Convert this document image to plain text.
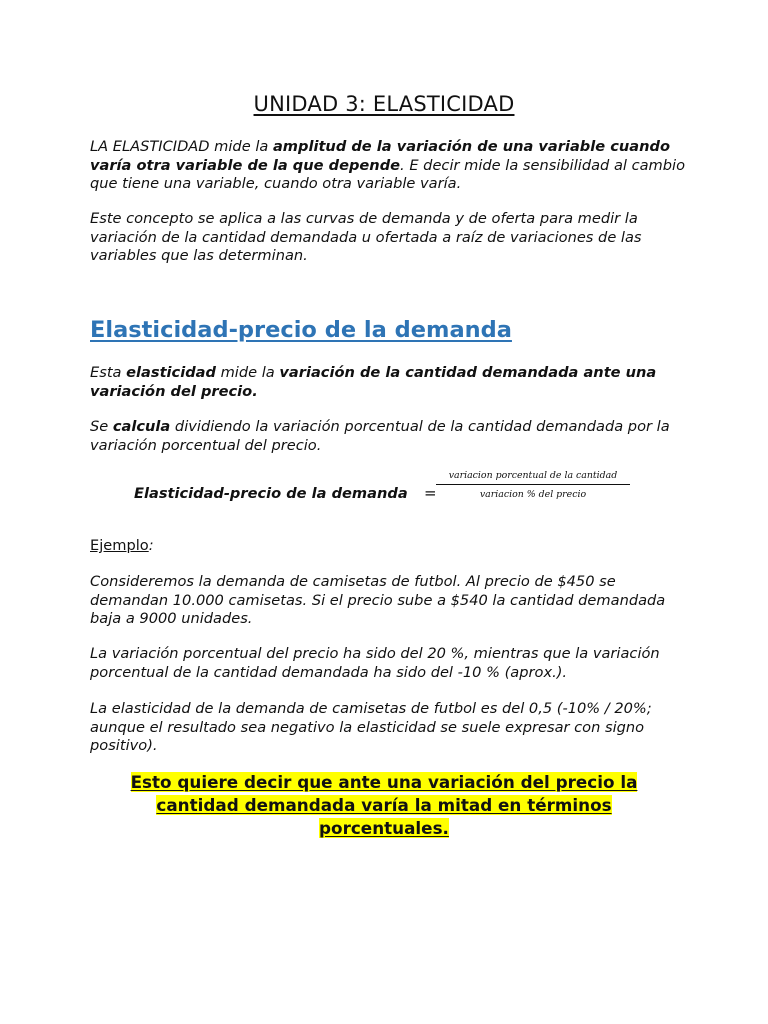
UNIDAD 3: ELASTICIDAD
LA ELASTICIDAD mide la amplitud de la variación de una variable cuando varía otra variable de la que depende. E decir mide la sensibilidad al cambio que tiene una variable, cuando otra variable varía.
Este concepto se aplica a las curvas de demanda y de oferta para medir la variación de la cantidad demandada u ofertada a raíz de variaciones de las variables que las determinan.
Elasticidad-precio de la demanda
Esta elasticidad mide la variación de la cantidad demandada ante una variación del precio.
Se calcula dividiendo la variación porcentual de la cantidad demandada por la variación porcentual del precio.
Elasticidad-precio de la demanda =
variacion porcentual de la cantidad
variacion % del precio
Ejemplo:
Consideremos la demanda de camisetas de futbol. Al precio de $450 se demandan 10.000 camisetas. Si el precio sube a $540 la cantidad demandada baja a 9000 unidades.
La variación porcentual del precio ha sido del 20 %, mientras que la variación porcentual de la cantidad demandada ha sido del -10 % (aprox.).
La elasticidad de la demanda de camisetas de futbol es del 0,5 (-10% / 20%; aunque el resultado sea negativo la elasticidad se suele expresar con signo positivo).
Esto quiere decir que ante una variación del precio la cantidad demandada varía la mitad en términos porcentuales.
